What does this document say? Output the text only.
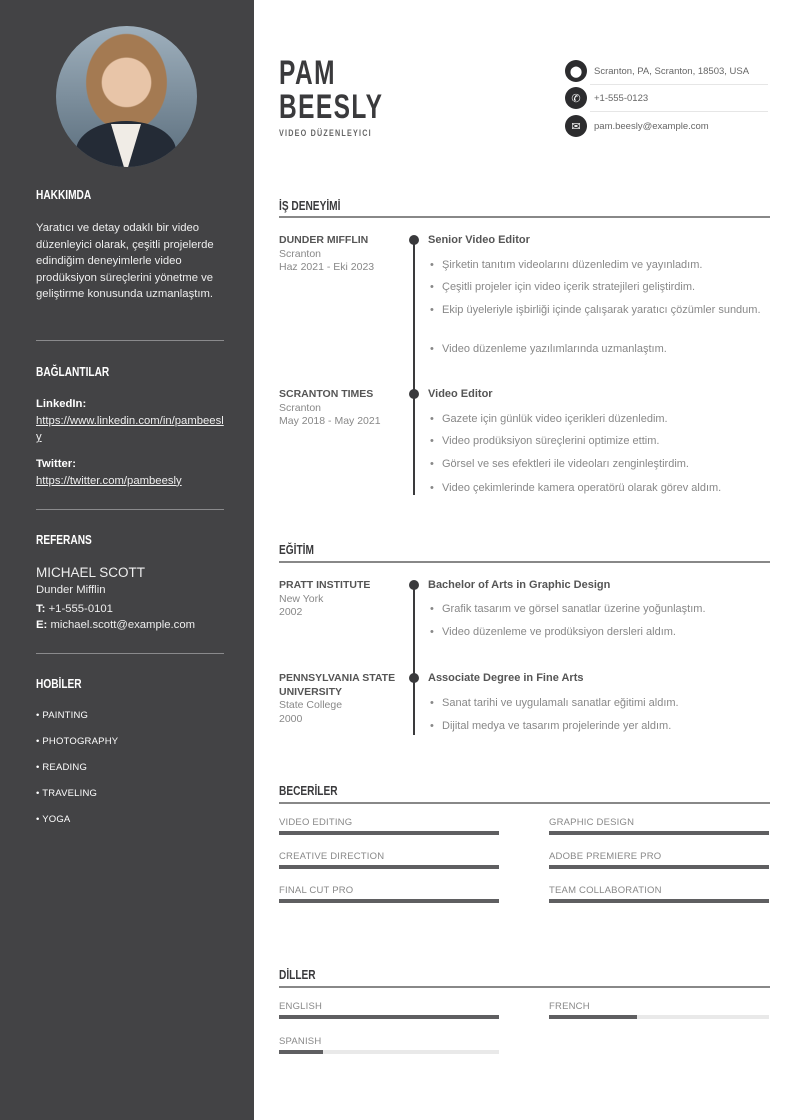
HAKKIMDA
Yaratıcı ve detay odaklı bir video düzenleyici olarak, çeşitli projelerde edindiğim deneyimlerle video prodüksiyon süreçlerini yönetme ve geliştirme konusunda uzmanlaştım.
BAĞLANTILAR
LinkedIn:
https://www.linkedin.com/in/pambeesly
Twitter:
https://twitter.com/pambeesly
REFERANS
MICHAEL SCOTT
Dunder Mifflin
T: +1-555-0101
E: michael.scott@example.com
HOBİLER
• PAINTING
• PHOTOGRAPHY
• READING
• TRAVELING
• YOGA
PAM
BEESLY
VIDEO DÜZENLEYICI
⬤	Scranton, PA, Scranton, 18503, USA
✆	+1-555-0123
✉	pam.beesly@example.com
İŞ DENEYİMİ
EĞİTİM
BECERİLER
DİLLER
DUNDER MIFFLIN
Scranton
Haz 2021 - Eki 2023
Senior Video Editor
• Şirketin tanıtım videolarını düzenledim ve yayınladım.
• Çeşitli projeler için video içerik stratejileri geliştirdim.
• Ekip üyeleriyle işbirliği içinde çalışarak yaratıcı çözümler sundum.
• Video düzenleme yazılımlarında uzmanlaştım.
SCRANTON TIMES
Scranton
May 2018 - May 2021
Video Editor
• Gazete için günlük video içerikleri düzenledim.
• Video prodüksiyon süreçlerini optimize ettim.
• Görsel ve ses efektleri ile videoları zenginleştirdim.
• Video çekimlerinde kamera operatörü olarak görev aldım.
PRATT INSTITUTE
New York
2002
Bachelor of Arts in Graphic Design
• Grafik tasarım ve görsel sanatlar üzerine yoğunlaştım.
• Video düzenleme ve prodüksiyon dersleri aldım.
PENNSYLVANIA STATE UNIVERSITY
State College
2000
Associate Degree in Fine Arts
• Sanat tarihi ve uygulamalı sanatlar eğitimi aldım.
• Dijital medya ve tasarım projelerinde yer aldım.
VIDEO EDITING	GRAPHIC DESIGN
CREATIVE DIRECTION	ADOBE PREMIERE PRO
FINAL CUT PRO	TEAM COLLABORATION
ENGLISH	FRENCH
SPANISH
